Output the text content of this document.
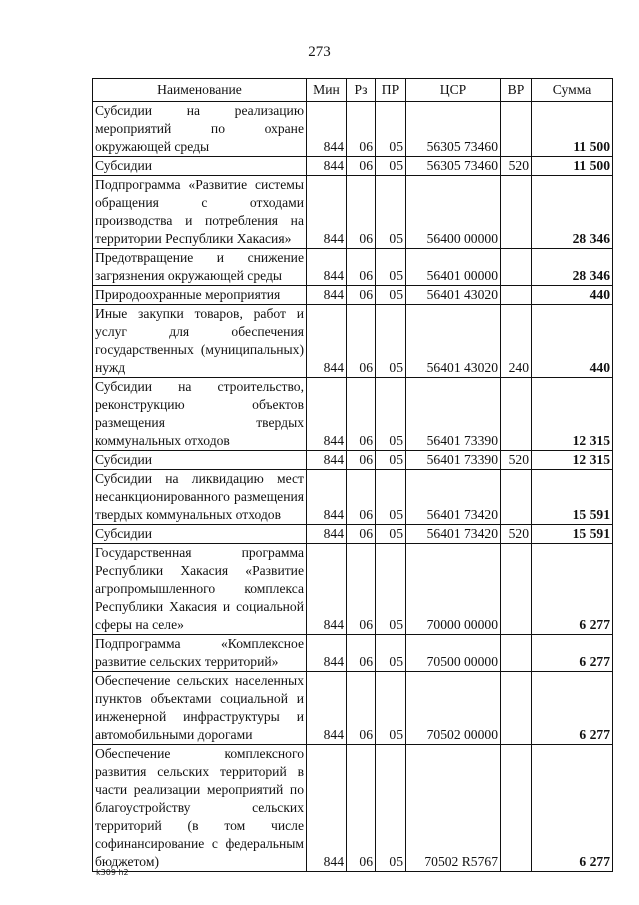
273
Наименование	Мин	Рз	ПР	ЦСР	ВР	Сумма
Субсидии на реализацию мероприятий по охране окружающей среды	844	06	05	56305 73460		11 500
Субсидии	844	06	05	56305 73460	520	11 500
Подпрограмма «Развитие системы обращения с отходами производства и потребления на территории Республики Хакасия»	844	06	05	56400 00000		28 346
Предотвращение и снижение загрязнения окружающей среды	844	06	05	56401 00000		28 346
Природоохранные мероприятия	844	06	05	56401 43020		440
Иные закупки товаров, работ и услуг для обеспечения государственных (муниципальных) нужд	844	06	05	56401 43020	240	440
Субсидии на строительство, реконструкцию объектов размещения твердых коммунальных отходов	844	06	05	56401 73390		12 315
Субсидии	844	06	05	56401 73390	520	12 315
Субсидии на ликвидацию мест несанкционированного размещения твердых коммунальных отходов	844	06	05	56401 73420		15 591
Субсидии	844	06	05	56401 73420	520	15 591
Государственная программа Республики Хакасия «Развитие агропромышленного комплекса Республики Хакасия и социальной сферы на селе»	844	06	05	70000 00000		6 277
Подпрограмма «Комплексное развитие сельских территорий»	844	06	05	70500 00000		6 277
Обеспечение сельских населенных пунктов объектами социальной и инженерной инфраструктуры и автомобильными дорогами	844	06	05	70502 00000		6 277
Обеспечение комплексного развития сельских территорий в части реализации мероприятий по благоустройству сельских территорий (в том числе софинансирование с федеральным бюджетом)	844	06	05	70502 R5767		6 277
k309 h2
